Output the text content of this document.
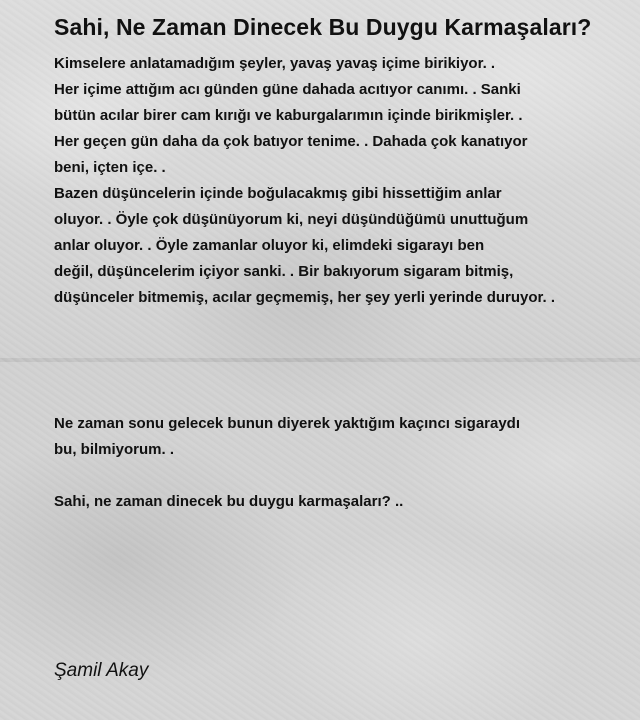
Sahi, Ne Zaman Dinecek Bu Duygu Karmaşaları?
Kimselere anlatamadığım şeyler, yavaş yavaş içime birikiyor. .
Her içime attığım acı günden güne dahada acıtıyor canımı. . Sanki
bütün acılar birer cam kırığı ve kaburgalarımın içinde birikmişler. .
Her geçen gün daha da çok batıyor tenime. . Dahada çok kanatıyor
beni, içten içe. .
Bazen düşüncelerin içinde boğulacakmış gibi hissettiğim anlar
oluyor. . Öyle çok düşünüyorum ki, neyi düşündüğümü unuttuğum
anlar oluyor. . Öyle zamanlar oluyor ki, elimdeki sigarayı ben
değil, düşüncelerim içiyor sanki. . Bir bakıyorum sigaram bitmiş,
düşünceler bitmemiş, acılar geçmemiş, her şey yerli yerinde duruyor. .
Ne zaman sonu gelecek bunun diyerek yaktığım kaçıncı sigaraydı
bu, bilmiyorum. .
Sahi, ne zaman dinecek bu duygu karmaşaları? ..
Şamil Akay
